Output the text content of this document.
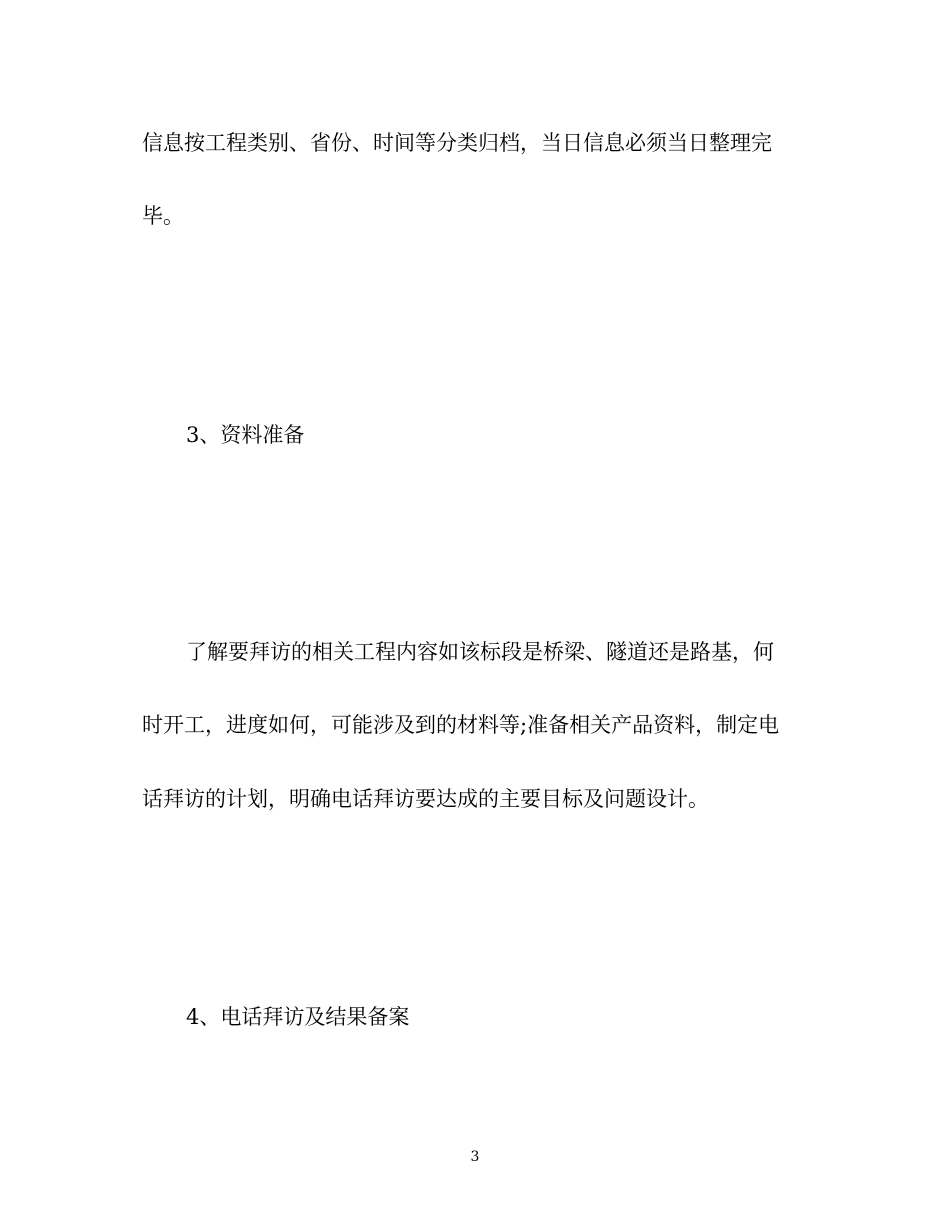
信息按工程类别、省份、时间等分类归档，当日信息必须当日整理完
毕。
3、资料准备
了解要拜访的相关工程内容如该标段是桥梁、隧道还是路基，何
时开工，进度如何，可能涉及到的材料等;准备相关产品资料，制定电
话拜访的计划，明确电话拜访要达成的主要目标及问题设计。
4、电话拜访及结果备案
3
